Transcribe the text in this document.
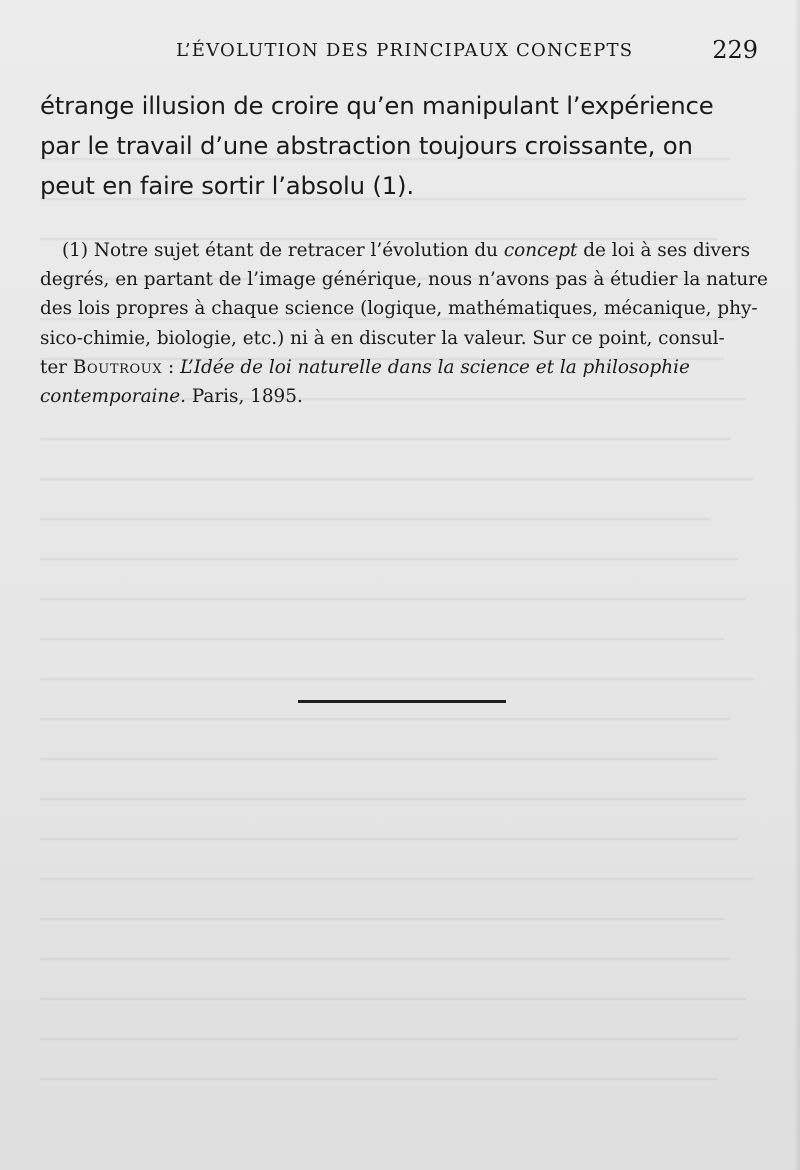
L’ÉVOLUTION DES PRINCIPAUX CONCEPTS	229
étrange illusion de croire qu’en manipulant l’expérience
par le travail d’une abstraction toujours croissante, on
peut en faire sortir l’absolu (1).
(1) Notre sujet étant de retracer l’évolution du concept de loi à ses divers
degrés, en partant de l’image générique, nous n’avons pas à étudier la nature
des lois propres à chaque science (logique, mathématiques, mécanique, phy-
sico-chimie, biologie, etc.) ni à en discuter la valeur. Sur ce point, consul-
ter Boutroux : L’Idée de loi naturelle dans la science et la philosophie
contemporaine. Paris, 1895.
